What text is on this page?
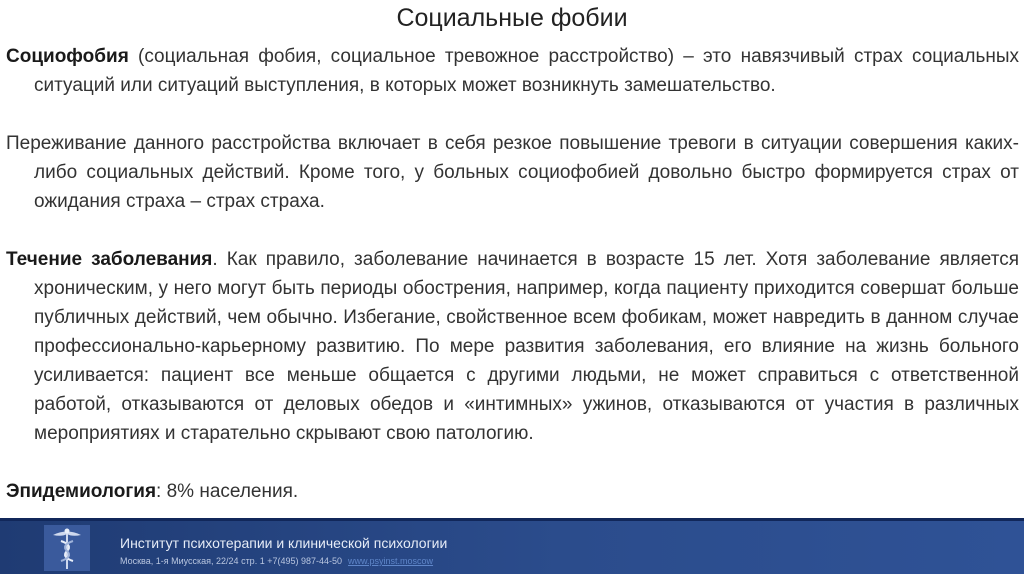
Социальные фобии

Социофобия (социальная фобия, социальное тревожное расстройство) – это навязчивый страх социальных ситуаций или ситуаций выступления, в которых может возникнуть замешательство.

Переживание данного расстройства включает в себя резкое повышение тревоги в ситуации совершения каких-либо социальных действий. Кроме того, у больных социофобией довольно быстро формируется страх от ожидания страха – страх страха.

Течение заболевания. Как правило, заболевание начинается в возрасте 15 лет. Хотя заболевание является хроническим, у него могут быть периоды обострения, например, когда пациенту приходится совершат больше публичных действий, чем обычно. Избегание, свойственное всем фобикам, может навредить в данном случае профессионально-карьерному развитию. По мере развития заболевания, его влияние на жизнь больного усиливается: пациент все меньше общается с другими людьми, не может справиться с ответственной работой, отказываются от деловых обедов и «интимных» ужинов, отказываются от участия в различных мероприятиях и старательно скрывают свою патологию.

Эпидемиология: 8% населения.

Институт психотерапии и клинической психологии
Москва, 1-я Миусская, 22/24 стр. 1 +7(495) 987-44-50 www.psyinst.moscow
